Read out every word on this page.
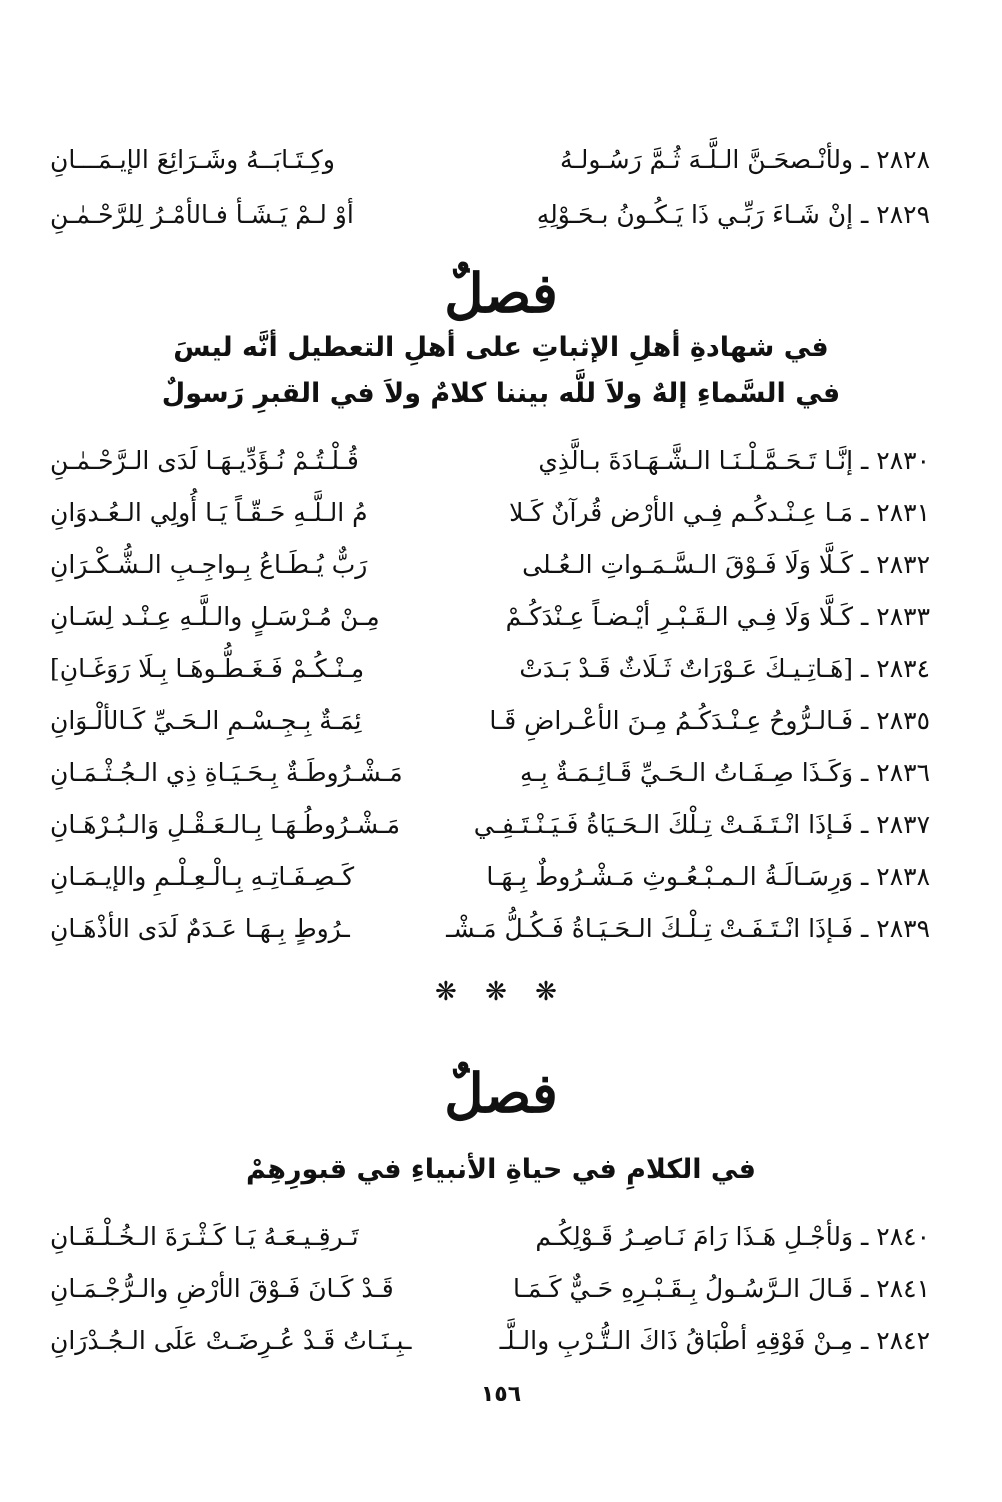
٢٨٢٨ ـ ولأنْـصحَـنَّ الـلَّـهَ ثُـمَّ رَسُـولـهُ
وكِـتَـابَــهُ وشَـرَائِعَ الإيـمَـــانِ
٢٨٢٩ ـ إنْ شَـاءَ رَبِّـي ذَا يَـكُـونُ بـحَـوْلِهِ
أوْ لـمْ يَـشَـأ فـالأمْـرُ لِلرَّحْـمٰـنِ
فصلٌ
في شهادةِ أهلِ الإثباتِ على أهلِ التعطيل أنَّه ليسَ
في السَّماءِ إلهٌ ولاَ للَّه بيننا كلامٌ ولاَ في القبرِ رَسولٌ
٢٨٣٠ ـ إنَّـا تَـحَـمَّـلْـنَـا الـشَّـهَـادَةَ بـالَّذِي
قُـلْـتُـمْ نُـؤَدِّيـهَـا لَدَى الـرَّحْـمٰـنِ
٢٨٣١ ـ مَـا عِـنْـدكُـم فِـي الأرْض قُرآنٌ كَـلا
مُ الـلَّـهِ حَـقّـاً يَـا أُولِي الـعُـدوَانِ
٢٨٣٢ ـ كَـلَّا وَلَا فَـوْقَ الـسَّـمَـواتِ الـعُـلى
رَبٌّ يُـطَـاعُ بِـواجِـبِ الـشُّـكْـرَانِ
٢٨٣٣ ـ كَـلَّا وَلَا فِـي الـقَـبْـرِ أيْـضـاً عِـنْدَكُـمْ
مِـنْ مُـرْسَـلٍ والـلَّـهِ عِـنْـد لِسَـانِ
٢٨٣٤ ـ [هَـاتِـيـكَ عَـوْرَاتٌ ثَـلَاثٌ قَـدْ بَـدَتْ
مِـنْـكُـمْ فَـغَـطُّـوهَـا بِـلَا رَوَغَـانِ]
٢٨٣٥ ـ فَـالـرُّوحُ عِـنْـدَكُـمُ مِـنَ الأعْـراضِ قَـا
ئِمَـةٌ بِـجِـسْـمِ الـحَـيِّ كَـالألْـوَانِ
٢٨٣٦ ـ وَكَـذَا صِـفَـاتُ الـحَـيِّ قَـائِـمَـةٌ بِـهِ
مَـشْـرُوطَـةٌ بِـحَـيَـاةِ ذِي الـجُـثْـمَـانِ
٢٨٣٧ ـ فَـإذَا انْـتَـفَـتْ تِـلْكَ الـحَـيَاةُ فَـيَـنْـتَـفِـي
مَـشْـرُوطُـهَـا بِـالـعَـقْـلِ وَالـبُـرْهَـانِ
٢٨٣٨ ـ وَرِسَـالَـةُ الـمـبْـعُـوثِ مَـشْـرُوطٌ بِـهَـا
كَـصِـفَـاتِـهِ بِـالْـعِـلْـمِ والإيـمَـانِ
٢٨٣٩ ـ فَـإذَا انْـتَـفَـتْ تِـلْـكَ الـحَـيَـاةُ فَـكُـلُّ مَـشْـ
ـرُوطٍ بِـهَـا عَـدَمٌ لَدَى الأذْهَـانِ
❋ ❋ ❋
فصلٌ
في الكلامِ في حياةِ الأنبياءِ في قبورِهِمْ
٢٨٤٠ ـ وَلأجْـلِ هَـذَا رَامَ نَـاصِـرُ قَـوْلِكُـم
تَـرقِـيـعَـهُ يَـا كَـثْـرَةَ الـخُـلْـقَـانِ
٢٨٤١ ـ قَـالَ الـرَّسُـولُ بِـقَـبْـرِهِ حَـيٌّ كَـمَـا
قَـدْ كَـانَ فَـوْقَ الأرْضِ والـرُّجْـمَـانِ
٢٨٤٢ ـ مِـنْ فَوْقِهِ أطْبَاقُ ذَاكَ الـتُّـرْبِ والـلَّـ
ـبِـنَـاتُ قَـدْ عُـرِضَـتْ عَلَى الـجُـدْرَانِ
١٥٦
